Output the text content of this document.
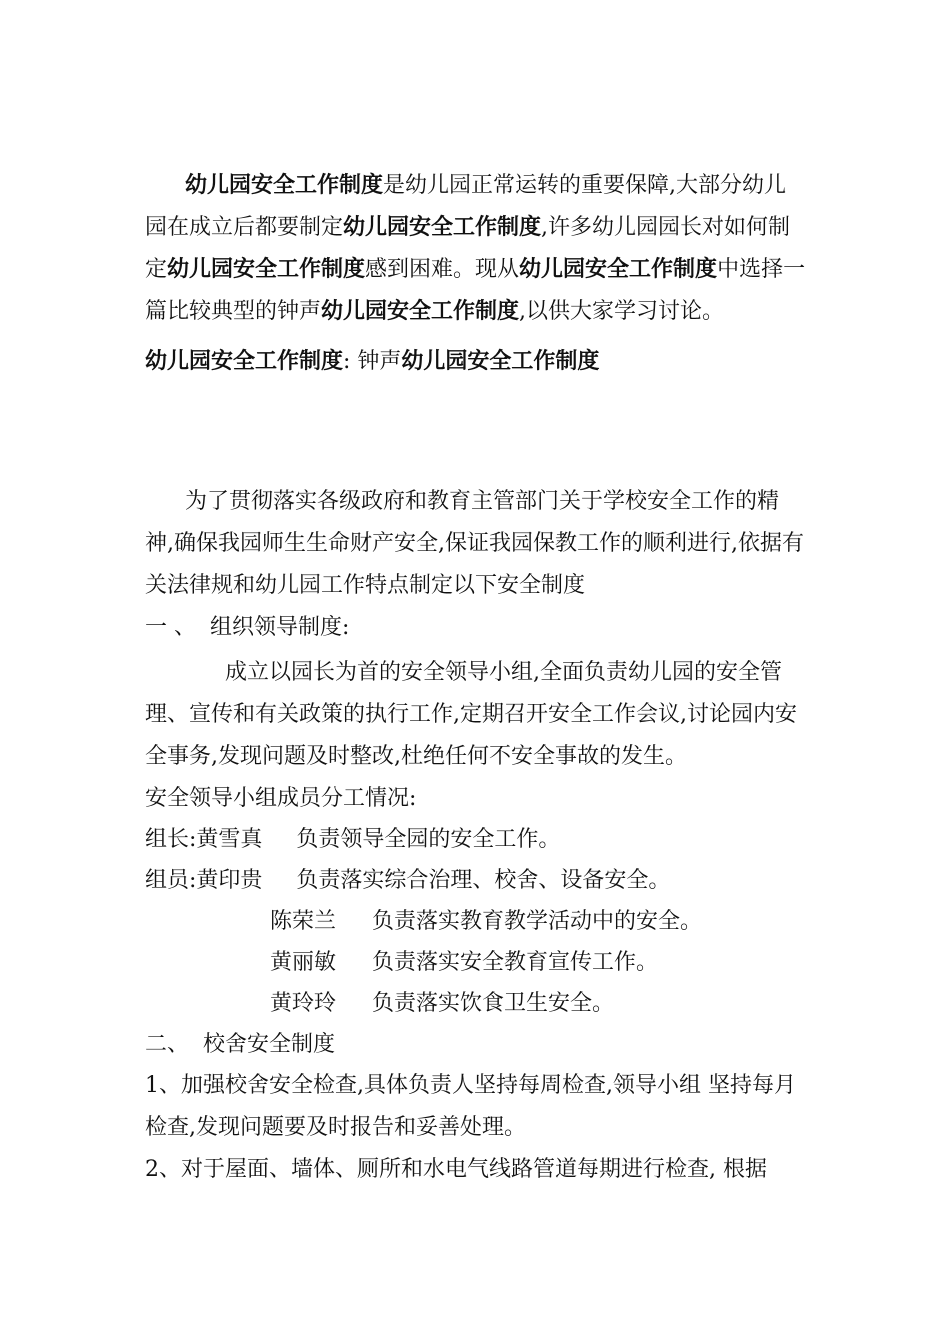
幼儿园安全工作制度是幼儿园正常运转的重要保障,大部分幼儿园在成立后都要制定幼儿园安全工作制度,许多幼儿园园长对如何制定幼儿园安全工作制度感到困难。现从幼儿园安全工作制度中选择一篇比较典型的钟声幼儿园安全工作制度,以供大家学习讨论。

幼儿园安全工作制度: 钟声幼儿园安全工作制度

为了贯彻落实各级政府和教育主管部门关于学校安全工作的精神,确保我园师生生命财产安全,保证我园保教工作的顺利进行,依据有关法律规和幼儿园工作特点制定以下安全制度

一 、  组织领导制度:

成立以园长为首的安全领导小组,全面负责幼儿园的安全管理、宣传和有关政策的执行工作,定期召开安全工作会议,讨论园内安全事务,发现问题及时整改,杜绝任何不安全事故的发生。

安全领导小组成员分工情况:
组长:黄雪真 负责领导全园的安全工作。
组员:黄印贵 负责落实综合治理、校舍、设备安全。
陈荣兰 负责落实教育教学活动中的安全。
黄丽敏 负责落实安全教育宣传工作。
黄玲玲 负责落实饮食卫生安全。
二、  校舍安全制度

1、加强校舍安全检查,具体负责人坚持每周检查,领导小组 坚持每月检查,发现问题要及时报告和妥善处理。

2、对于屋面、墙体、厕所和水电气线路管道每期进行检查, 根据
